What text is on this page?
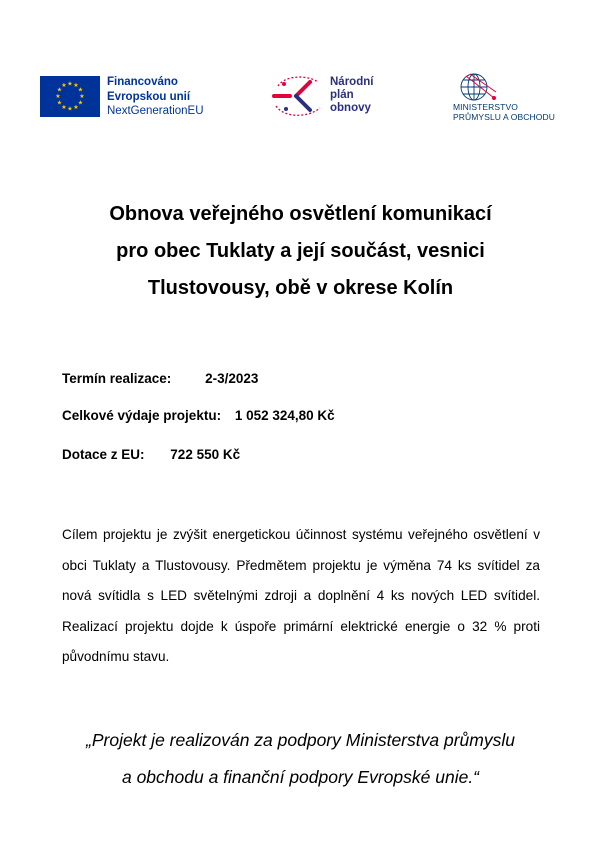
★ ★
★
★
★
★
★
★
★
★
★
★	Financováno
Evropskou unií
NextGenerationEU
Národní
plán
obnovy	MINISTERSTVO
PRŮMYSLU A OBCHODU
Obnova veřejného osvětlení komunikací
pro obec Tuklaty a její součást, vesnici
Tlustovousy, obě v okrese Kolín
Termín realizace:	2-3/2023
Celkové výdaje projektu: 1 052 324,80 Kč
Dotace z EU: 722 550 Kč
Cílem projektu je zvýšit energetickou účinnost systému veřejného osvětlení v obci Tuklaty a Tlustovousy. Předmětem projektu je výměna 74 ks svítidel za nová svítidla s LED světelnými zdroji a doplnění 4 ks nových LED svítidel. Realizací projektu dojde k úspoře primární elektrické energie o 32 % proti původnímu stavu.
„Projekt je realizován za podpory Ministerstva průmyslu
a obchodu a finanční podpory Evropské unie.“
